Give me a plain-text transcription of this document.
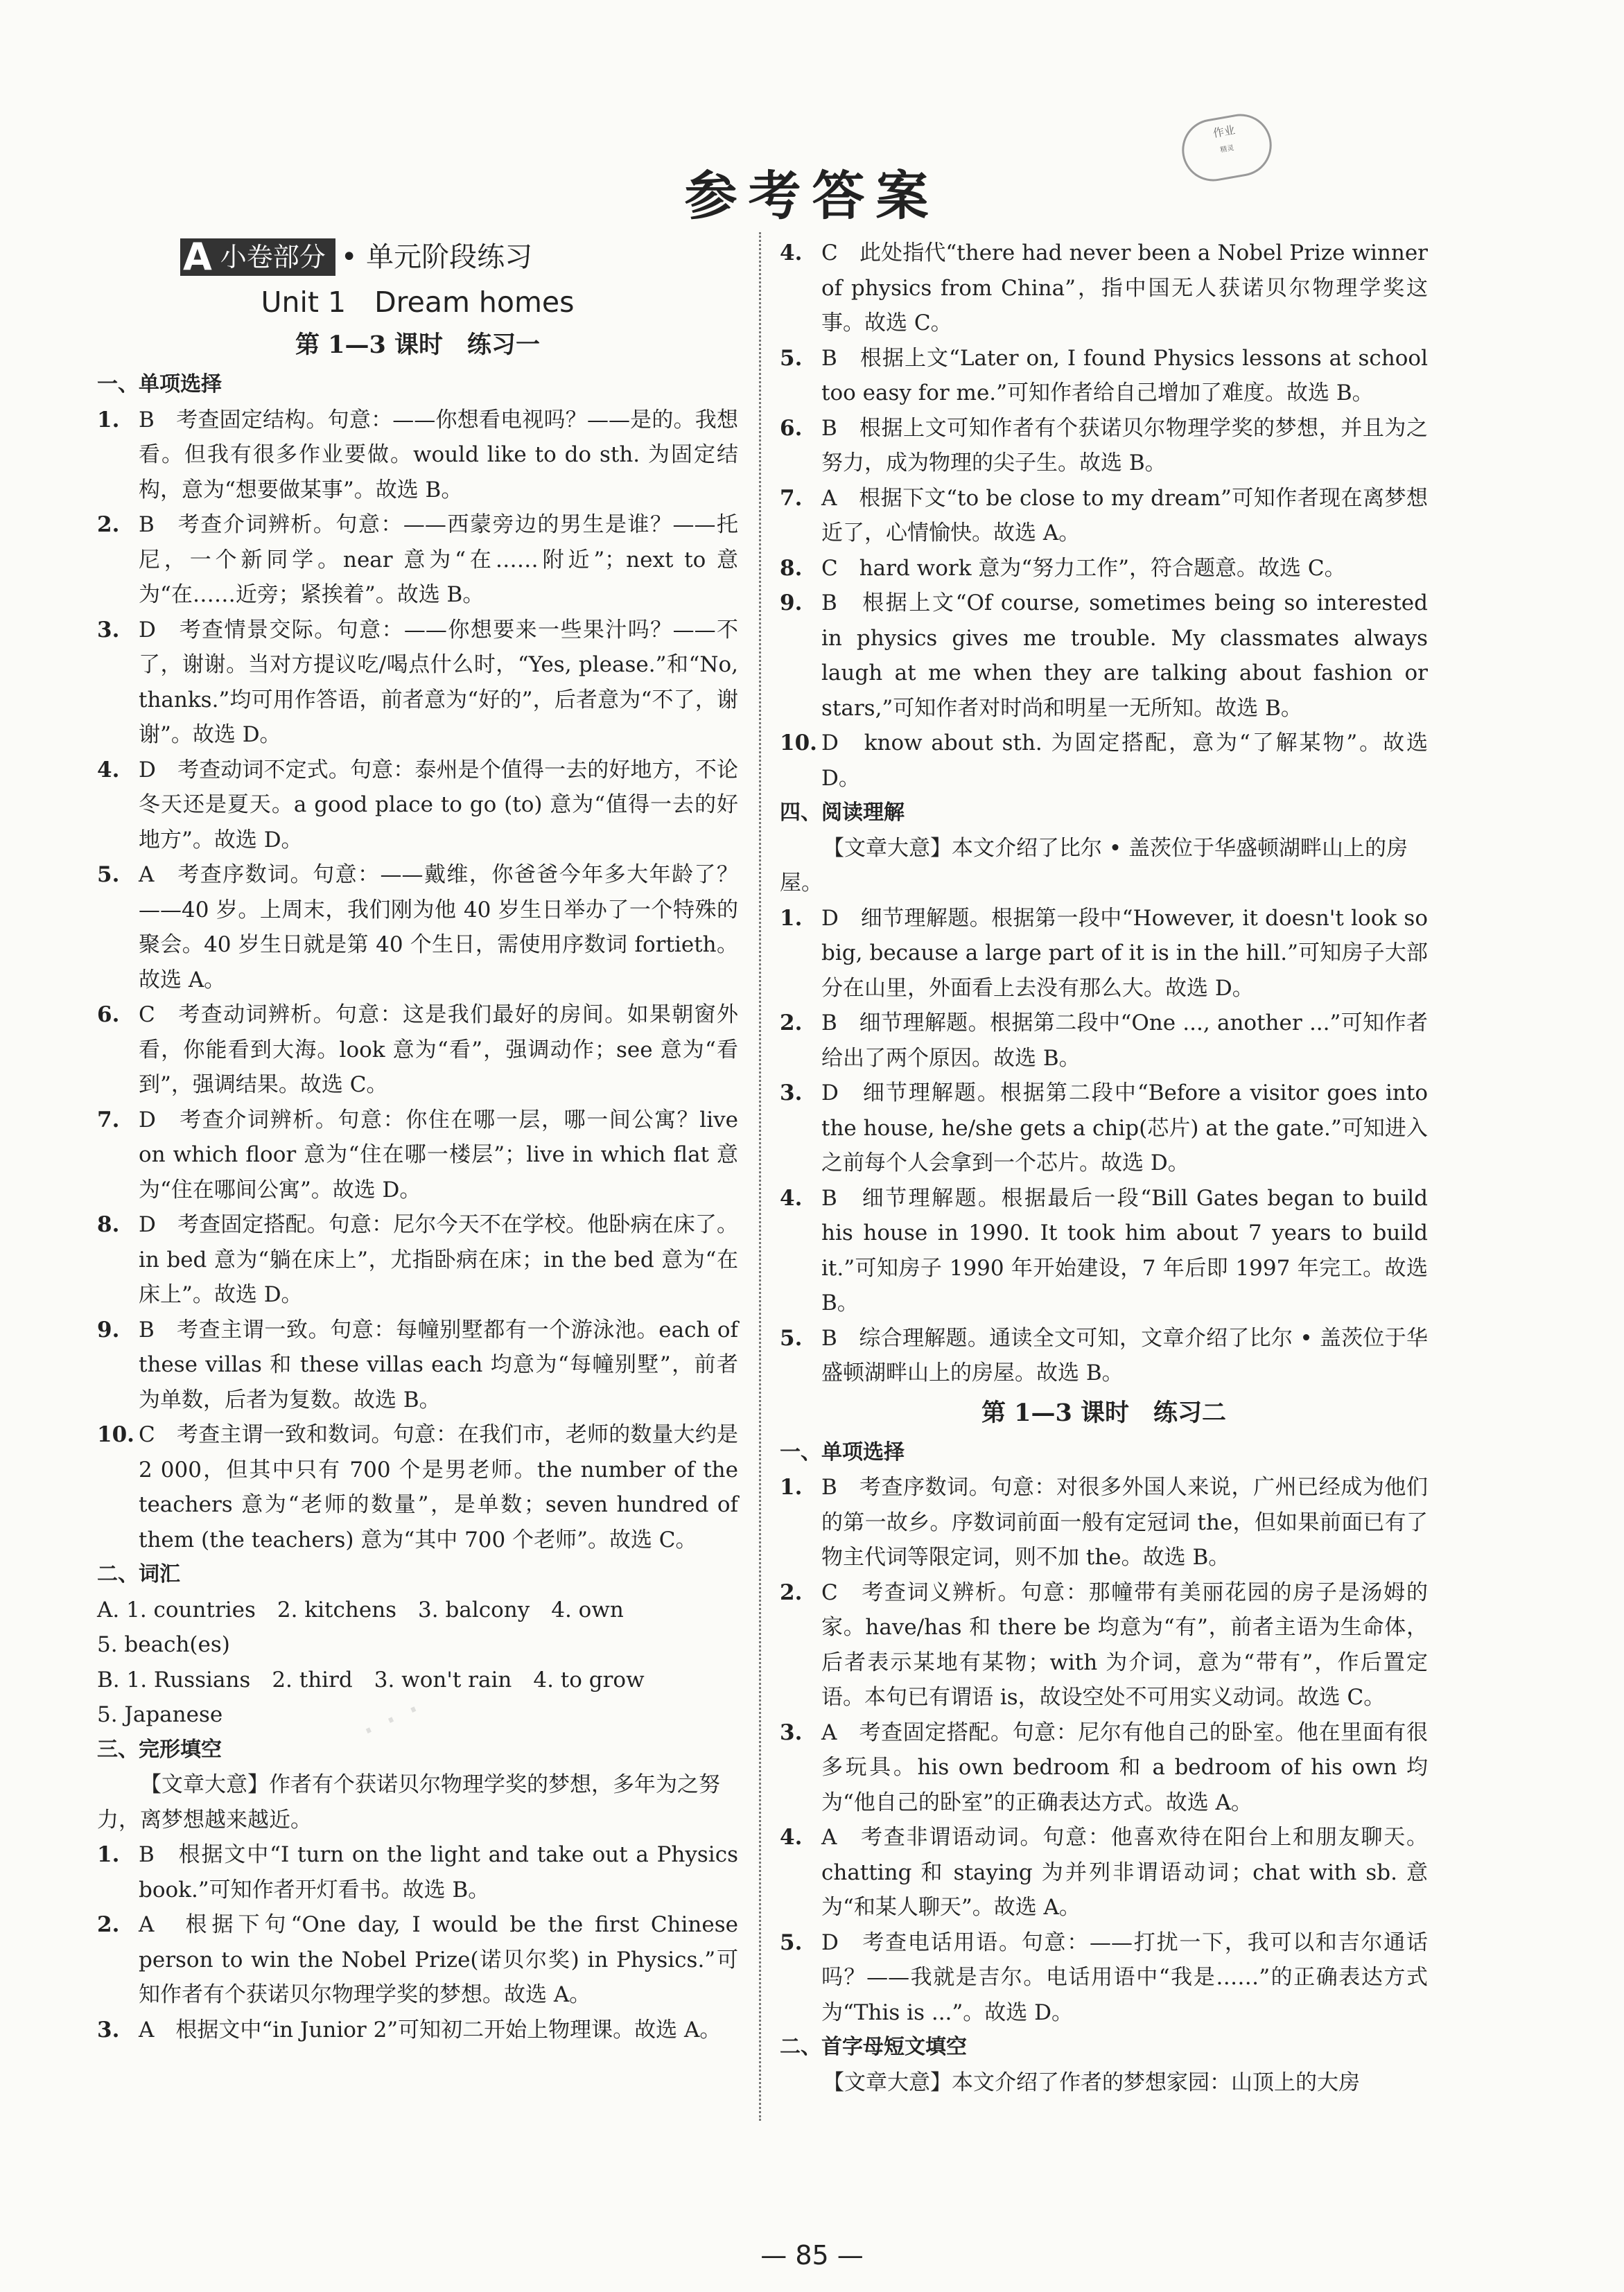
参考答案
作业
精灵
· · ·
A 小卷部分 • 单元阶段练习
Unit 1　Dream homes
第 1—3 课时　练习一
一、单项选择
1. B　考查固定结构。句意：——你想看电视吗？——是的。我想看。但我有很多作业要做。would like to do sth. 为固定结构，意为“想要做某事”。故选 B。
2. B　考查介词辨析。句意：——西蒙旁边的男生是谁？——托尼，一个新同学。near 意为“在……附近”；next to 意为“在……近旁；紧挨着”。故选 B。
3. D　考查情景交际。句意：——你想要来一些果汁吗？——不了，谢谢。当对方提议吃/喝点什么时，“Yes, please.”和“No, thanks.”均可用作答语，前者意为“好的”，后者意为“不了，谢谢”。故选 D。
4. D　考查动词不定式。句意：泰州是个值得一去的好地方，不论冬天还是夏天。a good place to go (to) 意为“值得一去的好地方”。故选 D。
5. A　考查序数词。句意：——戴维，你爸爸今年多大年龄了？——40 岁。上周末，我们刚为他 40 岁生日举办了一个特殊的聚会。40 岁生日就是第 40 个生日，需使用序数词 fortieth。故选 A。
6. C　考查动词辨析。句意：这是我们最好的房间。如果朝窗外看，你能看到大海。look 意为“看”，强调动作；see 意为“看到”，强调结果。故选 C。
7. D　考查介词辨析。句意：你住在哪一层，哪一间公寓？live on which floor 意为“住在哪一楼层”；live in which flat 意为“住在哪间公寓”。故选 D。
8. D　考查固定搭配。句意：尼尔今天不在学校。他卧病在床了。in bed 意为“躺在床上”，尤指卧病在床；in the bed 意为“在床上”。故选 D。
9. B　考查主谓一致。句意：每幢别墅都有一个游泳池。each of these villas 和 these villas each 均意为“每幢别墅”，前者为单数，后者为复数。故选 B。
10. C　考查主谓一致和数词。句意：在我们市，老师的数量大约是 2 000，但其中只有 700 个是男老师。the number of the teachers 意为“老师的数量”，是单数；seven hundred of them (the teachers) 意为“其中 700 个老师”。故选 C。
二、词汇
A. 1. countries　2. kitchens　3. balcony　4. own
5. beach(es)
B. 1. Russians　2. third　3. won't rain　4. to grow
5. Japanese
三、完形填空
【文章大意】作者有个获诺贝尔物理学奖的梦想，多年为之努力，离梦想越来越近。
1. B　根据文中“I turn on the light and take out a Physics book.”可知作者开灯看书。故选 B。
2. A　根据下句“One day, I would be the first Chinese person to win the Nobel Prize(诺贝尔奖) in Physics.”可知作者有个获诺贝尔物理学奖的梦想。故选 A。
3. A　根据文中“in Junior 2”可知初二开始上物理课。故选 A。
4. C　此处指代“there had never been a Nobel Prize winner of physics from China”，指中国无人获诺贝尔物理学奖这事。故选 C。
5. B　根据上文“Later on, I found Physics lessons at school too easy for me.”可知作者给自己增加了难度。故选 B。
6. B　根据上文可知作者有个获诺贝尔物理学奖的梦想，并且为之努力，成为物理的尖子生。故选 B。
7. A　根据下文“to be close to my dream”可知作者现在离梦想近了，心情愉快。故选 A。
8. C　hard work 意为“努力工作”，符合题意。故选 C。
9. B　根据上文“Of course, sometimes being so interested in physics gives me trouble. My classmates always laugh at me when they are talking about fashion or stars,”可知作者对时尚和明星一无所知。故选 B。
10. D　know about sth. 为固定搭配，意为“了解某物”。故选 D。
四、阅读理解
【文章大意】本文介绍了比尔 • 盖茨位于华盛顿湖畔山上的房屋。
1. D　细节理解题。根据第一段中“However, it doesn't look so big, because a large part of it is in the hill.”可知房子大部分在山里，外面看上去没有那么大。故选 D。
2. B　细节理解题。根据第二段中“One ..., another ...”可知作者给出了两个原因。故选 B。
3. D　细节理解题。根据第二段中“Before a visitor goes into the house, he/she gets a chip(芯片) at the gate.”可知进入之前每个人会拿到一个芯片。故选 D。
4. B　细节理解题。根据最后一段“Bill Gates began to build his house in 1990. It took him about 7 years to build it.”可知房子 1990 年开始建设，7 年后即 1997 年完工。故选 B。
5. B　综合理解题。通读全文可知，文章介绍了比尔 • 盖茨位于华盛顿湖畔山上的房屋。故选 B。
第 1—3 课时　练习二
一、单项选择
1. B　考查序数词。句意：对很多外国人来说，广州已经成为他们的第一故乡。序数词前面一般有定冠词 the，但如果前面已有了物主代词等限定词，则不加 the。故选 B。
2. C　考查词义辨析。句意：那幢带有美丽花园的房子是汤姆的家。have/has 和 there be 均意为“有”，前者主语为生命体，后者表示某地有某物；with 为介词，意为“带有”，作后置定语。本句已有谓语 is，故设空处不可用实义动词。故选 C。
3. A　考查固定搭配。句意：尼尔有他自己的卧室。他在里面有很多玩具。his own bedroom 和 a bedroom of his own 均为“他自己的卧室”的正确表达方式。故选 A。
4. A　考查非谓语动词。句意：他喜欢待在阳台上和朋友聊天。chatting 和 staying 为并列非谓语动词；chat with sb. 意为“和某人聊天”。故选 A。
5. D　考查电话用语。句意：——打扰一下，我可以和吉尔通话吗？——我就是吉尔。电话用语中“我是……”的正确表达方式为“This is ...”。故选 D。
二、首字母短文填空
【文章大意】本文介绍了作者的梦想家园：山顶上的大房
— 85 —
